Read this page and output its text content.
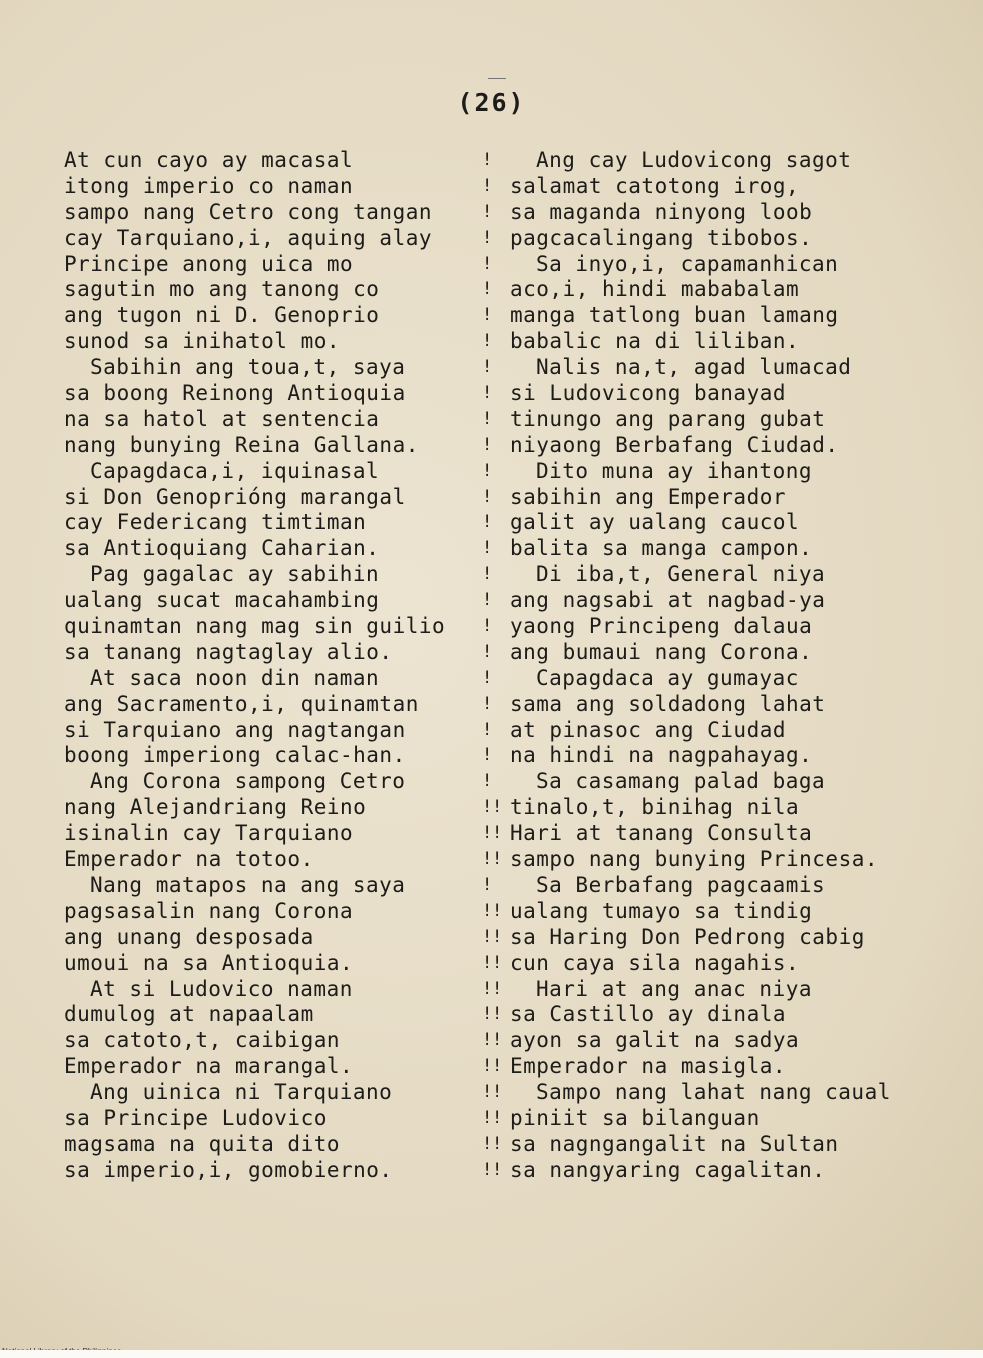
(26)
At cun cayo ay macasal	!
itong imperio co naman	!
sampo nang Cetro cong tangan	!
cay Tarquiano,i, aquing alay	!
Principe anong uica mo	!
sagutin mo ang tanong co	!
ang tugon ni D. Genoprio	!
sunod sa inihatol mo.	!
Sabihin ang toua,t, saya	!
sa boong Reinong Antioquia	!
na sa hatol at sentencia	!
nang bunying Reina Gallana.	!
Capagdaca,i, iquinasal	!
si Don Genoprióng marangal	!
cay Federicang timtiman	!
sa Antioquiang Caharian.	!
Pag gagalac ay sabihin	!
ualang sucat macahambing	!
quinamtan nang mag sin guilio !
sa tanang nagtaglay alio.	!
At saca noon din naman	!
ang Sacramento,i, quinamtan	!
si Tarquiano ang nagtangan	!
boong imperiong calac-han.	!
Ang Corona sampong Cetro	!
nang Alejandriang Reino	!
isinalin cay Tarquiano	!
Emperador na totoo.	!
Nang matapos na ang saya	!
pagsasalin nang Corona	!
ang unang desposada	!
umoui na sa Antioquia.	!
At si Ludovico naman	!
dumulog at napaalam	!
sa catoto,t, caibigan	!
Emperador na marangal.	!
Ang uinica ni Tarquiano	!
sa Principe Ludovico	!
magsama na quita dito	!
sa imperio,i, gomobierno.	!
Ang cay Ludovicong sagot
salamat catotong irog,
sa maganda ninyong loob
pagcacalingang tibobos.
Sa inyo,i, capamanhican
aco,i, hindi mababalam
manga tatlong buan lamang
babalic na di liliban.
Nalis na,t, agad lumacad
si Ludovicong banayad
tinungo ang parang gubat
niyaong Berbafang Ciudad.
Dito muna ay ihantong
sabihin ang Emperador
galit ay ualang caucol
balita sa manga campon.
Di iba,t, General niya
ang nagsabi at nagbad-ya
yaong Principeng dalaua
ang bumaui nang Corona.
Capagdaca ay gumayac
sama ang soldadong lahat
at pinasoc ang Ciudad
na hindi na nagpahayag.
Sa casamang palad baga
tinalo,t, binihag nila
!
Hari at tanang Consulta
!
sampo nang bunying Princesa.
!
Sa Berbafang pagcaamis
ualang tumayo sa tindig
!
sa Haring Don Pedrong cabig
!
cun caya sila nagahis.
!
Hari at ang anac niya
!
sa Castillo ay dinala
!
ayon sa galit na sadya
!
Emperador na masigla.
!
Sampo nang lahat nang caual
!
piniit sa bilanguan
!
sa nagngangalit na Sultan
!
sa nangyaring cagalitan.
!
